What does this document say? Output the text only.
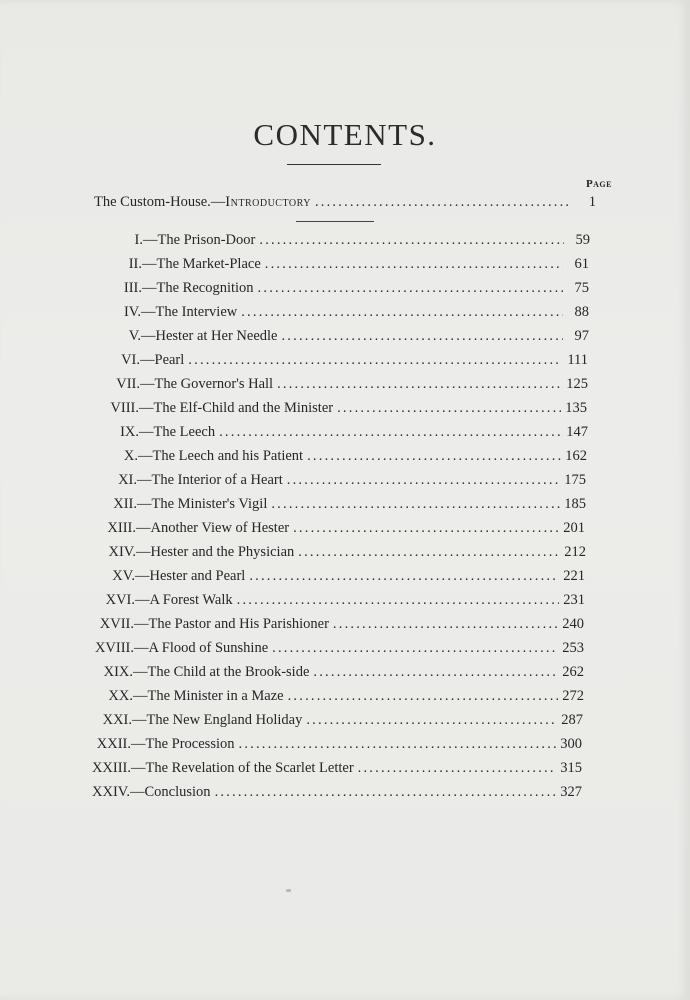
CONTENTS.
Page
The Custom-House.— Introductory .....	1
I. — The Prison-Door .....	59
II. — The Market-Place .....	61
III. — The Recognition .....	75
IV. — The Interview .....	88
V. — Hester at Her Needle .....	97
VI. — Pearl .....	111
VII. — The Governor's Hall .....	125
VIII. — The Elf-Child and the Minister .....	135
IX. — The Leech .....	147
X. — The Leech and his Patient .....	162
XI. — The Interior of a Heart .....	175
XII. — The Minister's Vigil .....	185
XIII. — Another View of Hester .....	201
XIV. — Hester and the Physician .....	212
XV. — Hester and Pearl .....	221
XVI. — A Forest Walk .....	231
XVII. — The Pastor and His Parishioner .....	240
XVIII. — A Flood of Sunshine .....	253
XIX. — The Child at the Brook-side .....	262
XX. — The Minister in a Maze .....	272
XXI. — The New England Holiday .....	287
XXII. — The Procession .....	300
XXIII. — The Revelation of the Scarlet Letter .....	315
XXIV. — Conclusion .....	327
